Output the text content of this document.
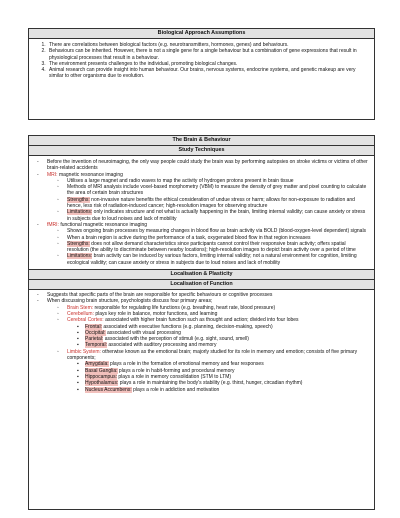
Biological Approach Assumptions
1. There are correlations between biological factors (e.g. neurotransmitters, hormones, genes) and behaviours.
2. Behaviours can be inherited. However, there is not a single gene for a single behaviour but a combination of gene expressions that result in physiological processes that result in a behaviour.
3. The environment presents challenges to the individual, promoting biological changes.
4. Animal research can provide insight into human behaviour. Our brains, nervous systems, endocrine systems, and genetic makeup are very similar to other organisms due to evolution.
The Brain & Behaviour
Study Techniques
- Before the invention of neuroimaging, the only way people could study the brain was by performing autopsies on stroke victims or victims of other brain-related accidents
- MRI: magnetic resonance imaging
◦ Utilises a large magnet and radio waves to map the activity of hydrogen protons present in brain tissue
◦ Methods of MRI analysis include voxel-based morphometry (VBM) to measure the density of grey matter and pixel counting to calculate the area of certain brain structures
◦ Strengths: non-invasive nature benefits the ethical consideration of undue stress or harm; allows for non-exposure to radiation and hence, less risk of radiation-induced cancer; high-resolution images for observing structure
◦ Limitations: only indicates structure and not what is actually happening in the brain, limiting internal validity; can cause anxiety or stress in subjects due to loud noises and lack of mobility
- fMRI: functional magnetic resonance imaging
◦ Shows ongoing brain processes by measuring changes in blood flow as brain activity via BOLD (blood-oxygen-level dependent) signals
◦ When a brain region is active during the performance of a task, oxygenated blood flow in that region increases
◦ Strengths: does not allow demand characteristics since participants cannot control their responsive brain activity; offers spatial resolution (the ability to discriminate between nearby locations); high-resolution images to depict brain activity over a period of time
◦ Limitations: brain activity can be induced by various factors, limiting internal validity; not a natural environment for cognition, limiting ecological validity; can cause anxiety or stress in subjects due to loud noises and lack of mobility
Localisation & Plasticity
Localisation of Function
- Suggests that specific parts of the brain are responsible for specific behaviours or cognitive processes
- When discussing brain structure, psychologists discuss four primary areas;
◦ Brain Stem: responsible for regulating life functions (e.g. breathing, heart rate, blood pressure)
◦ Cerebellum: plays key role in balance, motor functions, and learning
◦ Cerebral Cortex: associated with higher brain function such as thought and action; divided into four lobes
▪ Frontal: associated with executive functions (e.g. planning, decision-making, speech)
▪ Occipital: associated with visual processing
▪ Parietal: associated with the perception of stimuli (e.g. sight, sound, smell)
▪ Temporal: associated with auditory processing and memory
◦ Limbic System: otherwise known as the emotional brain; majorly studied for its role in memory and emotion; consists of five primary components;
▪ Amygdala: plays a role in the formation of emotional memory and fear responses
▪ Basal Ganglia: plays a role in habit-forming and procedural memory
▪ Hippocampus: plays a role in memory consolidation (STM to LTM)
▪ Hypothalamus: plays a role in maintaining the body's stability (e.g. thirst, hunger, circadian rhythm)
▪ Nucleus Accumbens: plays a role in addiction and motivation
